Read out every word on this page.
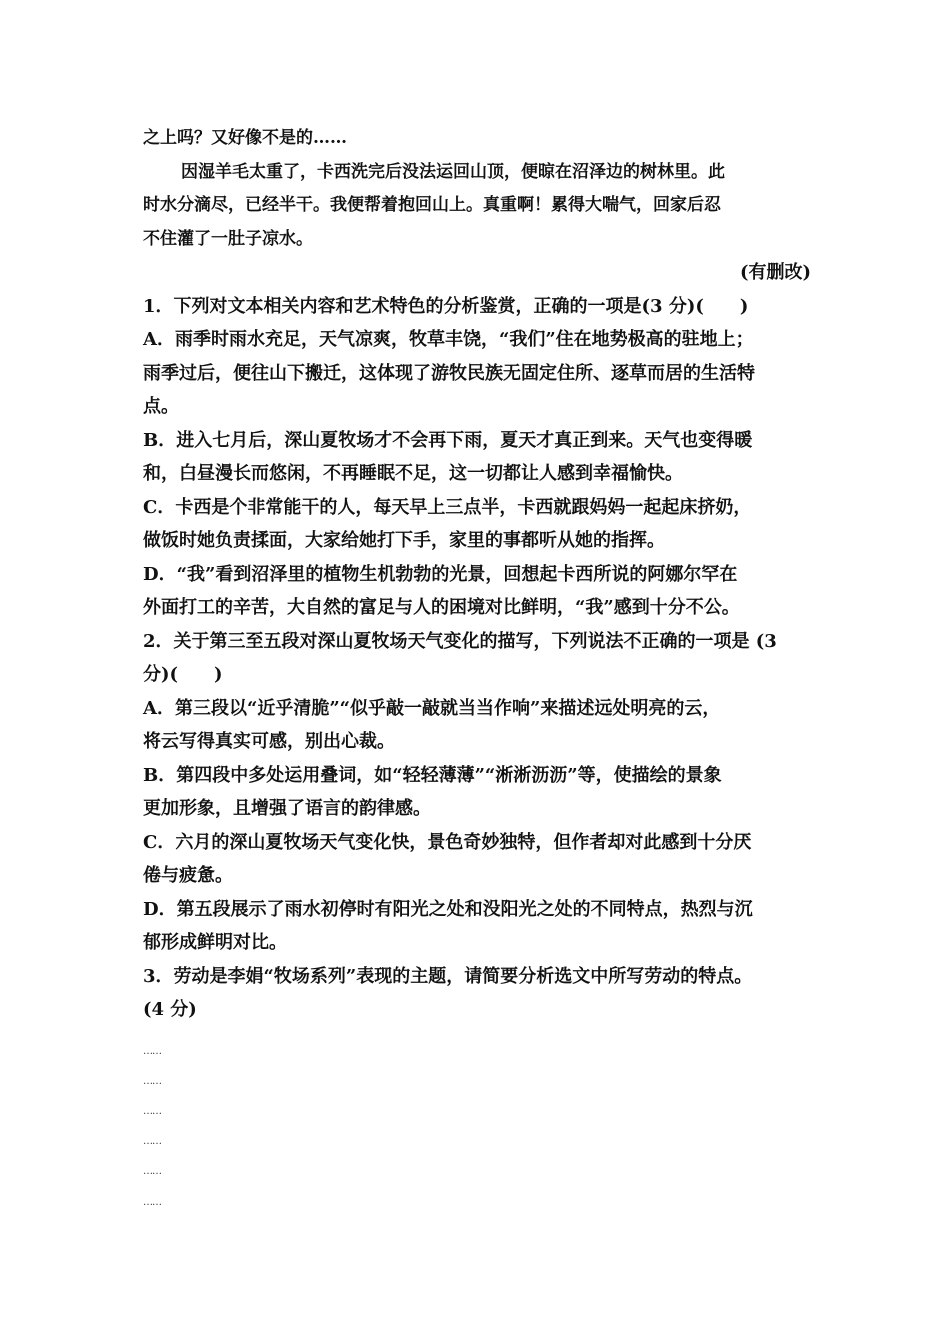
之上吗？又好像不是的……
因湿羊毛太重了，卡西洗完后没法运回山顶，便晾在沼泽边的树林里。此
时水分滴尽，已经半干。我便帮着抱回山上。真重啊！累得大喘气，回家后忍
不住灌了一肚子凉水。
(有删改)
1．下列对文本相关内容和艺术特色的分析鉴赏，正确的一项是(3 分)(　　)
A．雨季时雨水充足，天气凉爽，牧草丰饶，“我们”住在地势极高的驻地上；
雨季过后，便往山下搬迁，这体现了游牧民族无固定住所、逐草而居的生活特
点。
B．进入七月后，深山夏牧场才不会再下雨，夏天才真正到来。天气也变得暖
和，白昼漫长而悠闲，不再睡眠不足，这一切都让人感到幸福愉快。
C．卡西是个非常能干的人，每天早上三点半，卡西就跟妈妈一起起床挤奶，
做饭时她负责揉面，大家给她打下手，家里的事都听从她的指挥。
D．“我”看到沼泽里的植物生机勃勃的光景，回想起卡西所说的阿娜尔罕在
外面打工的辛苦，大自然的富足与人的困境对比鲜明，“我”感到十分不公。
2．关于第三至五段对深山夏牧场天气变化的描写，下列说法不正确的一项是 (3
分)(　　)
A．第三段以“近乎清脆”“似乎敲一敲就当当作响”来描述远处明亮的云，
将云写得真实可感，别出心裁。
B．第四段中多处运用叠词，如“轻轻薄薄”“淅淅沥沥”等，使描绘的景象
更加形象，且增强了语言的韵律感。
C．六月的深山夏牧场天气变化快，景色奇妙独特，但作者却对此感到十分厌
倦与疲惫。
D．第五段展示了雨水初停时有阳光之处和没阳光之处的不同特点，热烈与沉
郁形成鲜明对比。
3．劳动是李娟“牧场系列”表现的主题，请简要分析选文中所写劳动的特点。
(4 分)
……
……
……
……
……
……
